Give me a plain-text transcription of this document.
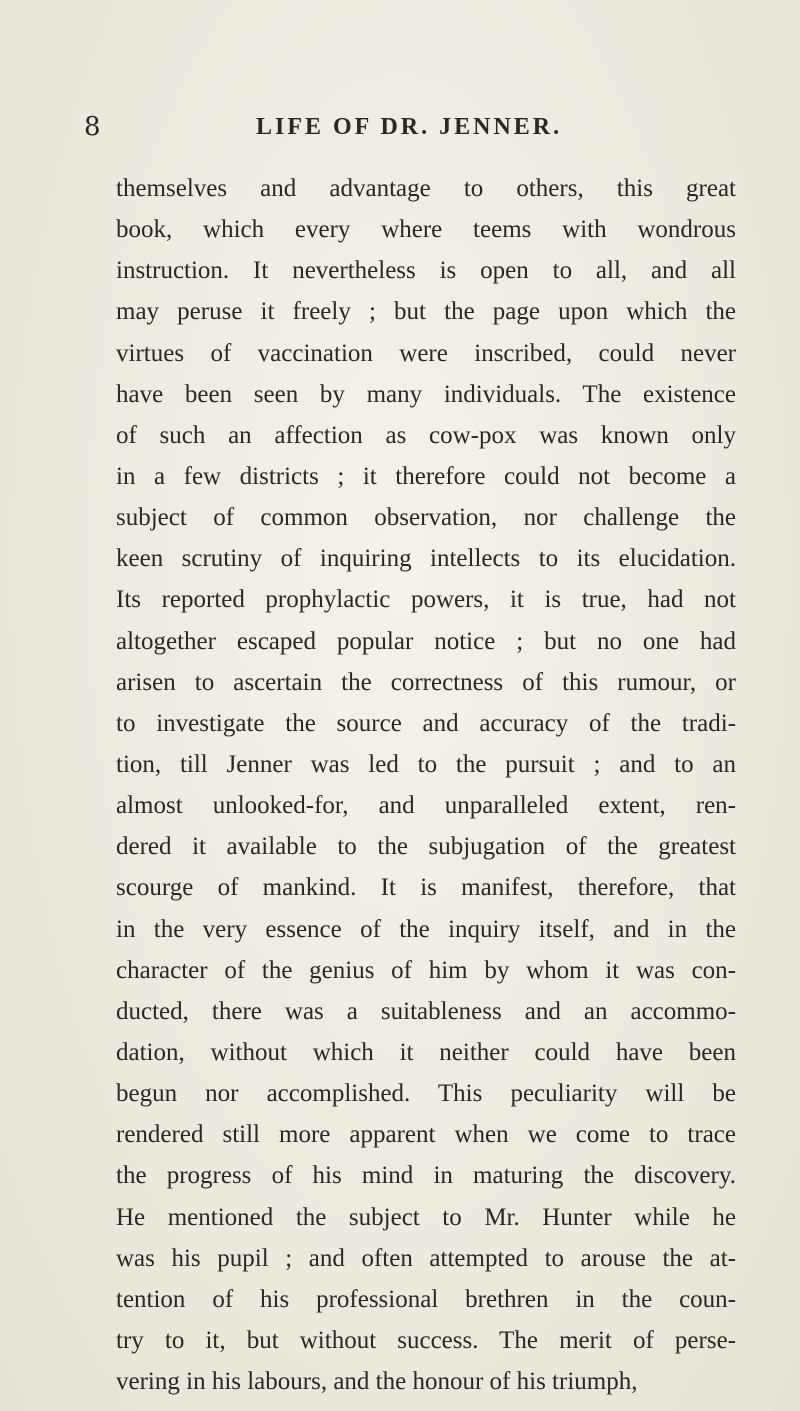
8	LIFE OF DR. JENNER.
themselves and advantage to others, this great
book, which every where teems with wondrous
instruction. It nevertheless is open to all, and all
may peruse it freely ; but the page upon which the
virtues of vaccination were inscribed, could never
have been seen by many individuals. The existence
of such an affection as cow-pox was known only
in a few districts ; it therefore could not become a
subject of common observation, nor challenge the
keen scrutiny of inquiring intellects to its elucidation.
Its reported prophylactic powers, it is true, had not
altogether escaped popular notice ; but no one had
arisen to ascertain the correctness of this rumour, or
to investigate the source and accuracy of the tradi-
tion, till Jenner was led to the pursuit ; and to an
almost unlooked-for, and unparalleled extent, ren-
dered it available to the subjugation of the greatest
scourge of mankind. It is manifest, therefore, that
in the very essence of the inquiry itself, and in the
character of the genius of him by whom it was con-
ducted, there was a suitableness and an accommo-
dation, without which it neither could have been
begun nor accomplished. This peculiarity will be
rendered still more apparent when we come to trace
the progress of his mind in maturing the discovery.
He mentioned the subject to Mr. Hunter while he
was his pupil ; and often attempted to arouse the at-
tention of his professional brethren in the coun-
try to it, but without success. The merit of perse-
vering in his labours, and the honour of his triumph,
